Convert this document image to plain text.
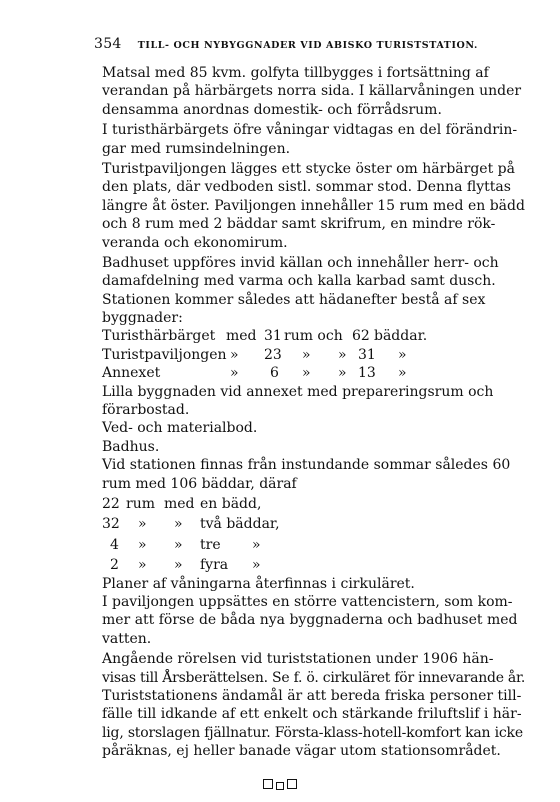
354 TILL- OCH NYBYGGNADER VID ABISKO TURISTSTATION.
Matsal med 85 kvm. golfyta tillbygges i fortsättning af
verandan på härbärgets norra sida. I källarvåningen under
densamma anordnas domestik- och förrådsrum.
I turisthärbärgets öfre våningar vidtagas en del förändrin-
gar med rumsindelningen.
Turistpaviljongen lägges ett stycke öster om härbärget på
den plats, där vedboden sistl. sommar stod. Denna flyttas
längre åt öster. Paviljongen innehåller 15 rum med en bädd
och 8 rum med 2 bäddar samt skrifrum, en mindre rök-
veranda och ekonomirum.
Badhuset uppföres invid källan och innehåller herr- och
damafdelning med varma och kalla karbad samt dusch.
Stationen kommer således att hädanefter bestå af sex
byggnader:
Turisthärbärget med 31 rum och 62 bäddar.
Turistpaviljongen » 23 » » 31 »
Annexet	» 6 » » 13 »
Lilla byggnaden vid annexet med prepareringsrum och
förarbostad.
Ved- och materialbod.
Badhus.
Vid stationen finnas från instundande sommar således 60
rum med 106 bäddar, däraf
22 rum med en bädd,
32 » » två bäddar,
4 » » tre »
2 » » fyra »
Planer af våningarna återfinnas i cirkuläret.
I paviljongen uppsättes en större vattencistern, som kom-
mer att förse de båda nya byggnaderna och badhuset med
vatten.
Angående rörelsen vid turiststationen under 1906 hän-
visas till Årsberättelsen. Se f. ö. cirkuläret för innevarande år.
Turiststationens ändamål är att bereda friska personer till-
fälle till idkande af ett enkelt och stärkande friluftslif i här-
lig, storslagen fjällnatur. Första-klass-hotell-komfort kan icke
påräknas, ej heller banade vägar utom stationsområdet.
